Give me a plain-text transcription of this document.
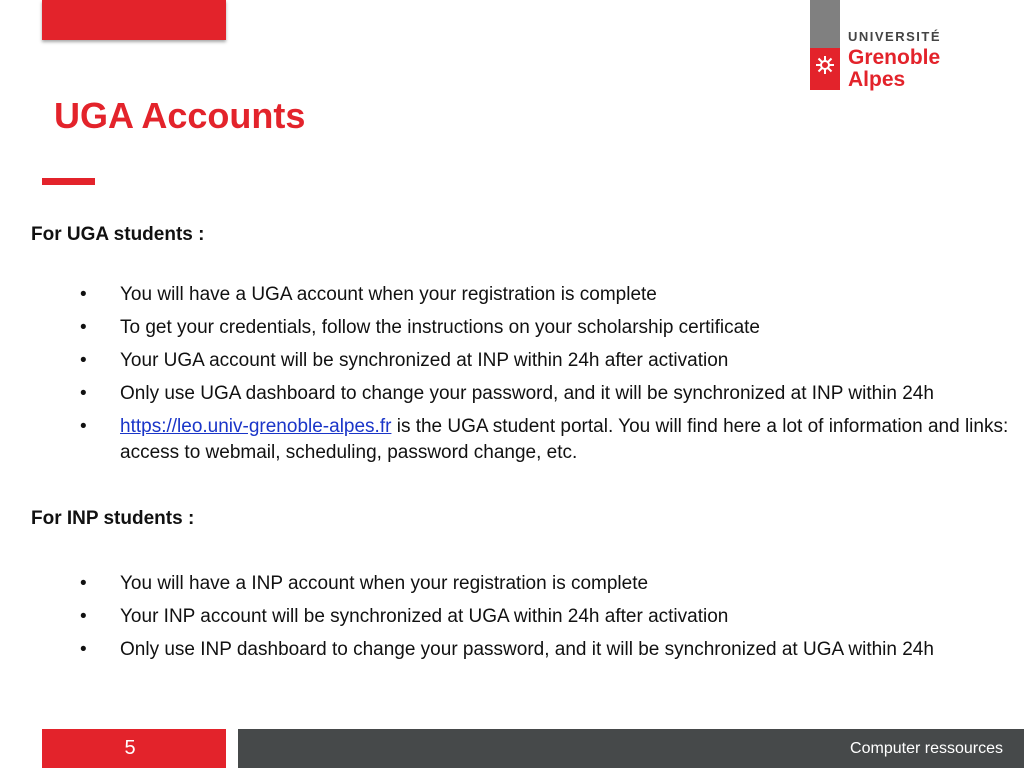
UNIVERSITÉ
Grenoble
Alpes
UGA Accounts
For UGA students :
• You will have a UGA account when your registration is complete
• To get your credentials, follow the instructions on your scholarship certificate
• Your UGA account will be synchronized at INP within 24h after activation
• Only use UGA dashboard to change your password, and it will be synchronized at INP within 24h
• https://leo.univ-grenoble-alpes.fr is the UGA student portal. You will find here a lot of information and links: access to webmail, scheduling, password change, etc.
For INP students :
• You will have a INP account when your registration is complete
• Your INP account will be synchronized at UGA within 24h after activation
• Only use INP dashboard to change your password, and it will be synchronized at UGA within 24h
5	Computer ressources
